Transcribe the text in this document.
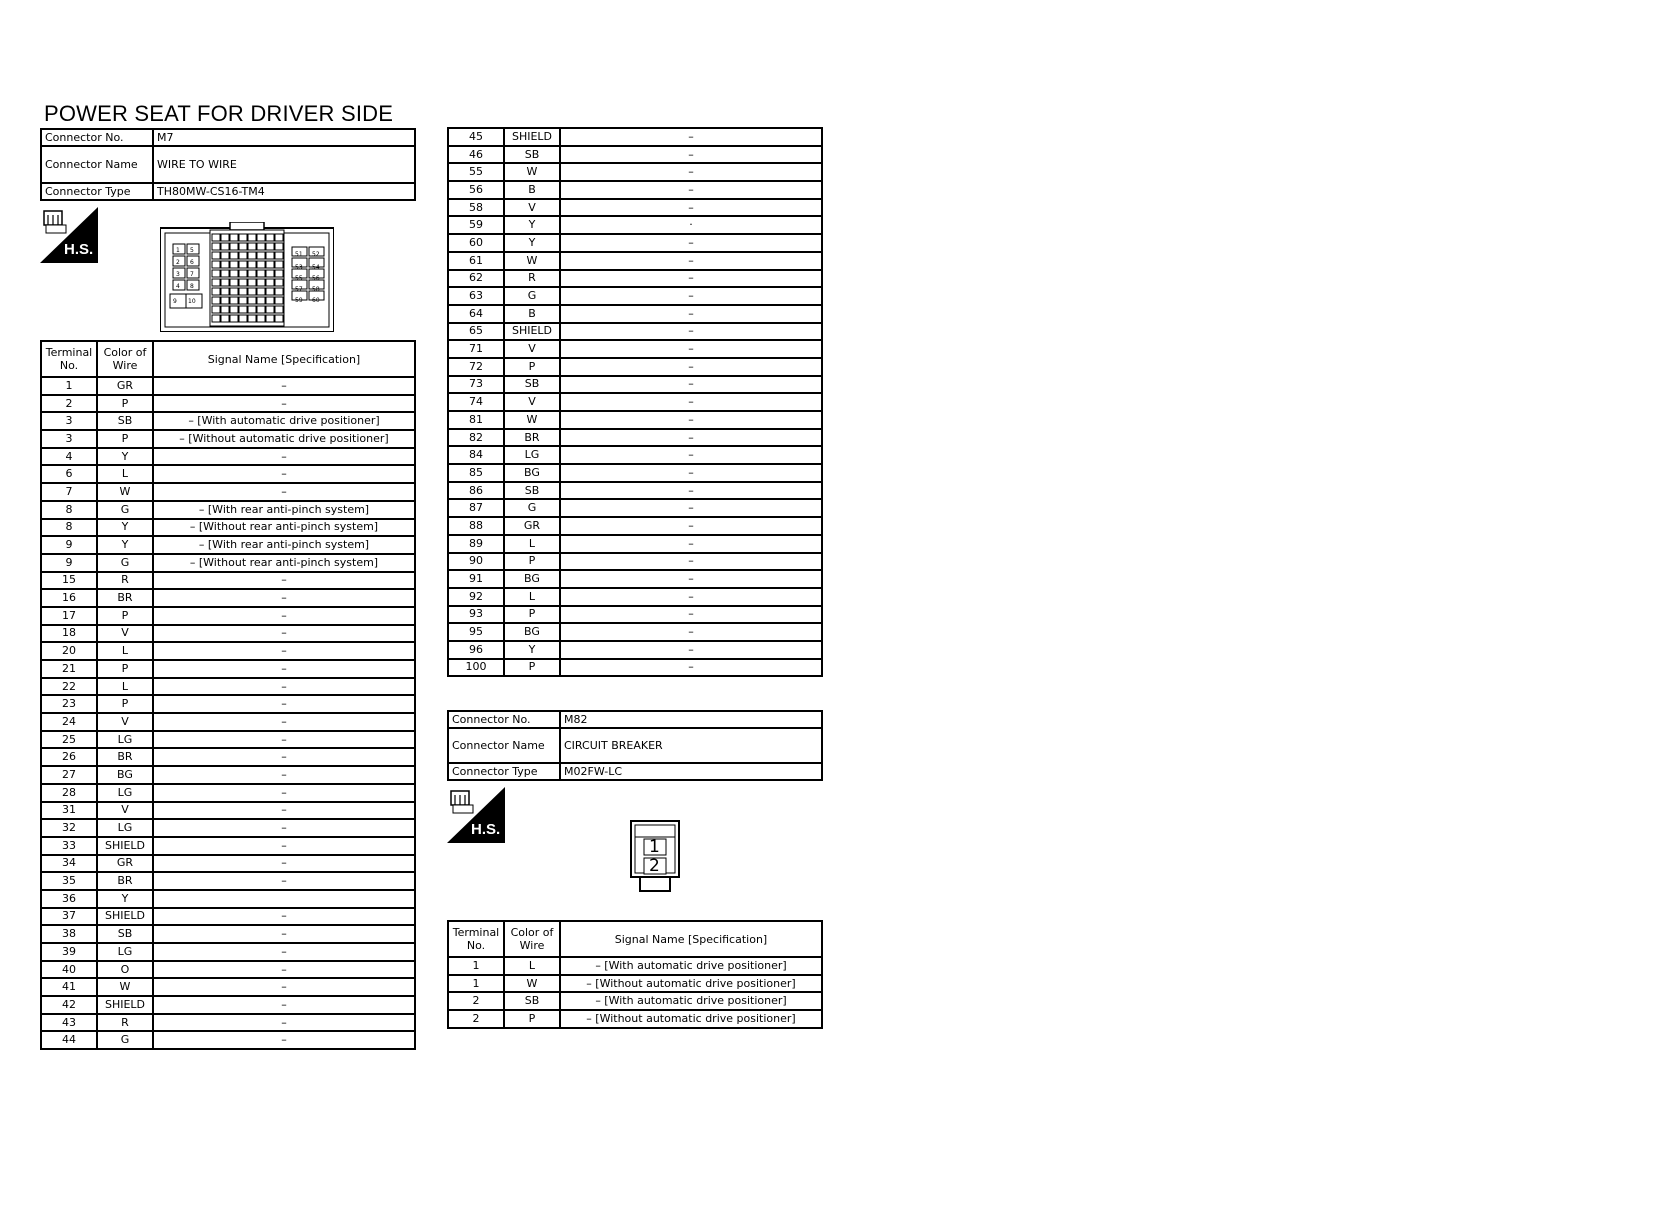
POWER SEAT FOR DRIVER SIDE
Connector No.	M7
Connector Name	WIRE TO WIRE
Connector Type	TH80MW-CS16-TM4
H.S.	1 5
2 6
3 7
4 8
9 10
51 52
53 54
55 56
57 58
59 60
Terminal No.	Color of Wire	Signal Name [Specification]
1	GR	–
2	P	–
3	SB	– [With automatic drive positioner]
3	P	– [Without automatic drive positioner]
4	Y	–
6	L	–
7	W	–
8	G	– [With rear anti-pinch system]
8	Y	– [Without rear anti-pinch system]
9	Y	– [With rear anti-pinch system]
9	G	– [Without rear anti-pinch system]
15	R	–
16	BR	–
17	P	–
18	V	–
20	L	–
21	P	–
22	L	–
23	P	–
24	V	–
25	LG	–
26	BR	–
27	BG	–
28	LG	–
31	V	–
32	LG	–
33	SHIELD	–
34	GR	–
35	BR	–
36	Y	
37	SHIELD	–
38	SB	–
39	LG	–
40	O	–
41	W	–
42	SHIELD	–
43	R	–
44	G	–
45	SHIELD	–
46	SB	–
55	W	–
56	B	–
58	V	–
59	Y	·
60	Y	–
61	W	–
62	R	–
63	G	–
64	B	–
65	SHIELD	–
71	V	–
72	P	–
73	SB	–
74	V	–
81	W	–
82	BR	–
84	LG	–
85	BG	–
86	SB	–
87	G	–
88	GR	–
89	L	–
90	P	–
91	BG	–
92	L	–
93	P	–
95	BG	–
96	Y	–
100	P	–
Connector No.	M82
Connector Name	CIRCUIT BREAKER
Connector Type	M02FW-LC
H.S.
1
2
Terminal No.	Color of Wire	Signal Name [Specification]
1	L	– [With automatic drive positioner]
1	W	– [Without automatic drive positioner]
2	SB	– [With automatic drive positioner]
2	P	– [Without automatic drive positioner]
